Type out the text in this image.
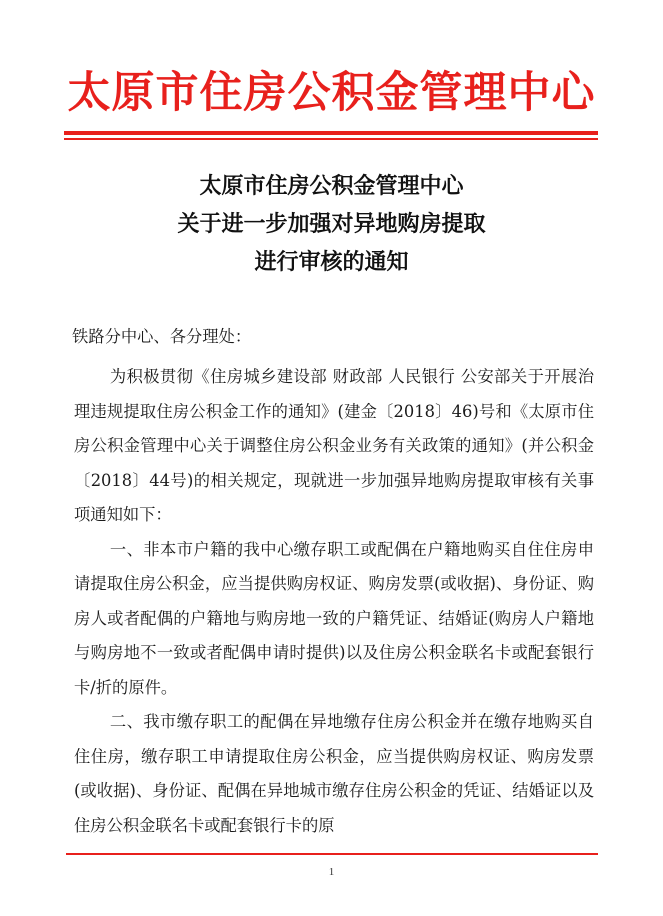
太原市住房公积金管理中心
太原市住房公积金管理中心
关于进一步加强对异地购房提取
进行审核的通知
铁路分中心、各分理处：

为积极贯彻《住房城乡建设部 财政部 人民银行 公安部关于开展治理违规提取住房公积金工作的通知》(建金〔2018〕46)号和《太原市住房公积金管理中心关于调整住房公积金业务有关政策的通知》(并公积金〔2018〕44号)的相关规定，现就进一步加强异地购房提取审核有关事项通知如下：

一、非本市户籍的我中心缴存职工或配偶在户籍地购买自住住房申请提取住房公积金，应当提供购房权证、购房发票(或收据)、身份证、购房人或者配偶的户籍地与购房地一致的户籍凭证、结婚证(购房人户籍地与购房地不一致或者配偶申请时提供)以及住房公积金联名卡或配套银行卡/折的原件。

二、我市缴存职工的配偶在异地缴存住房公积金并在缴存地购买自住住房，缴存职工申请提取住房公积金，应当提供购房权证、购房发票(或收据)、身份证、配偶在异地城市缴存住房公积金的凭证、结婚证以及住房公积金联名卡或配套银行卡的原

1
